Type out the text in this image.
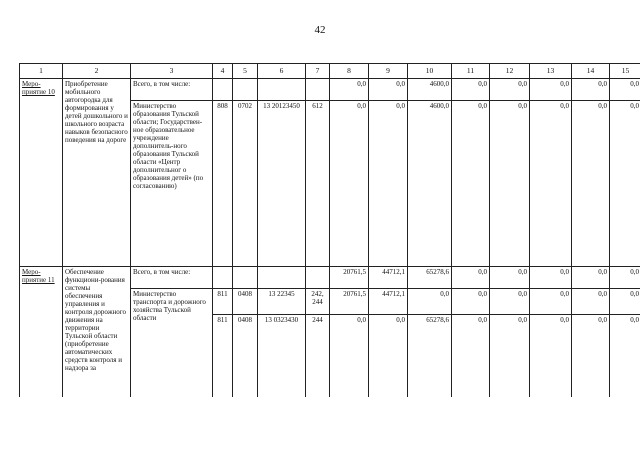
42
1	2	3	4	5	6	7	8	9	10	11	12	13	14	15
Меро-приятие 10	Приобретение мобильного автогородка для формирования у детей дошкольного и школьного возраста навыков безопасного поведения на дороге	Всего, в том числе:					0,0	0,0	4600,0	0,0	0,0	0,0	0,0	0,0
		Министерство образования Тульской области; Государствен-ное образовательное учреждение дополнитель-ного образования Тульской области «Центр дополнительног о образования детей» (по согласованию)	808	0702	13 20123450	612	0,0	0,0	4600,0	0,0	0,0	0,0	0,0	0,0
Меро-приятие 11	Обеспечение функциони-рования системы обеспечения управления и контроля дорожного движения на территории Тульской области (приобретение автоматических средств контроля и надзора за	Всего, в том числе:					20761,5	44712,1	65278,6	0,0	0,0	0,0	0,0	0,0
		Министерство транспорта и дорожного хозяйства Тульской области	811	0408	13 22345	242, 244	20761,5	44712,1	0,0	0,0	0,0	0,0	0,0	0,0
			811	0408	13 0323430	244	0,0	0,0	65278,6	0,0	0,0	0,0	0,0	0,0
